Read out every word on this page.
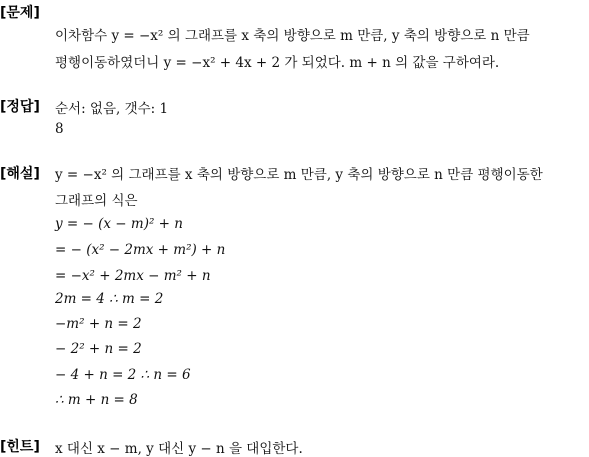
[문제]
이차함수 y = −x² 의 그래프를 x 축의 방향으로 m 만큼, y 축의 방향으로 n 만큼
평행이동하였더니 y = −x² + 4x + 2 가 되었다. m + n 의 값을 구하여라.
[정답] 순서: 없음, 갯수: 1
8
[해설] y = −x² 의 그래프를 x 축의 방향으로 m 만큼, y 축의 방향으로 n 만큼 평행이동한
그래프의 식은
y = − (x − m)² + n
= − (x² − 2mx + m²) + n
= −x² + 2mx − m² + n
2m = 4 ∴ m = 2
−m² + n = 2
− 2² + n = 2
− 4 + n = 2 ∴ n = 6
∴ m + n = 8
[힌트] x 대신 x − m, y 대신 y − n 을 대입한다.
